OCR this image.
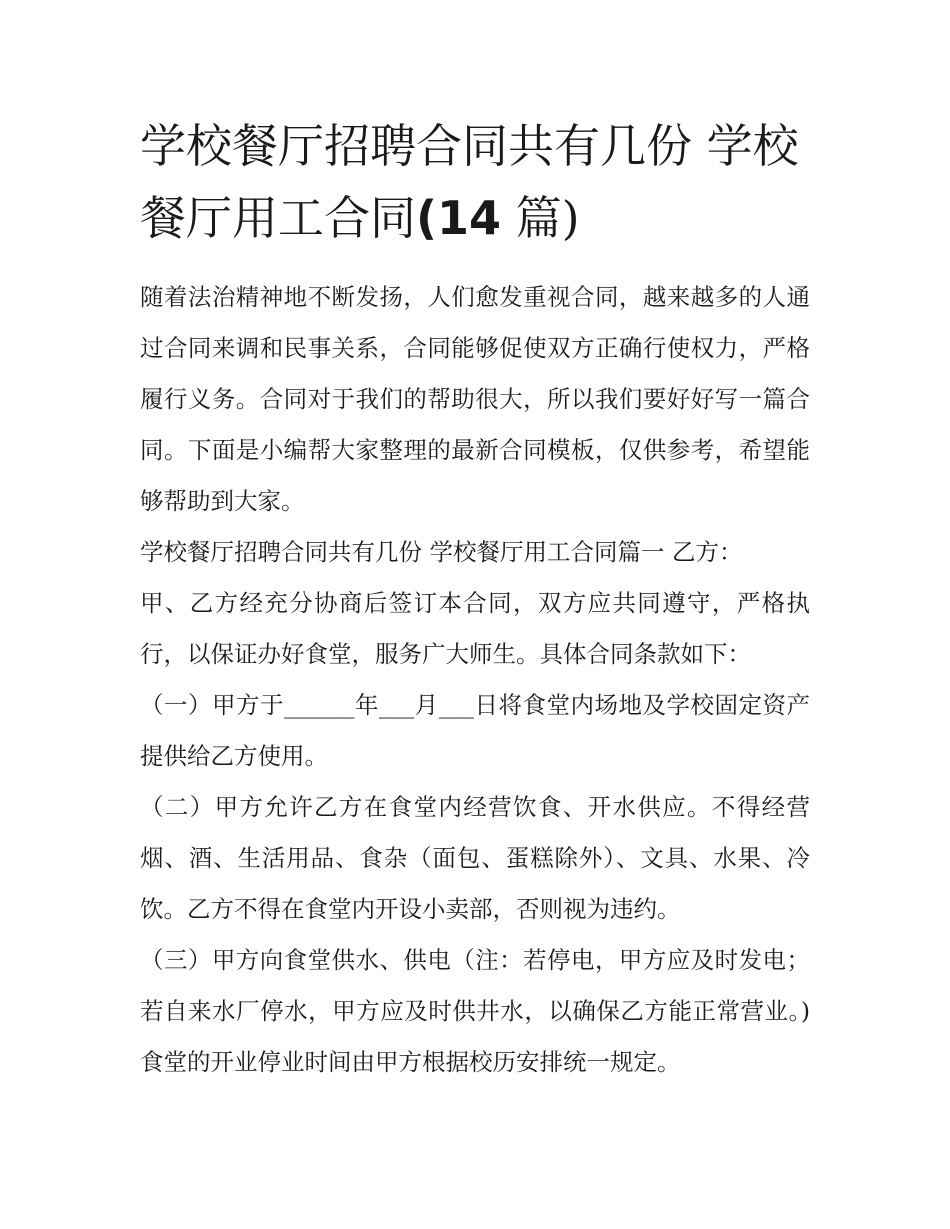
学校餐厅招聘合同共有几份 学校餐厅用工合同(14 篇)

随着法治精神地不断发扬，人们愈发重视合同，越来越多的人通过合同来调和民事关系，合同能够促使双方正确行使权力，严格履行义务。合同对于我们的帮助很大，所以我们要好好写一篇合同。下面是小编帮大家整理的最新合同模板，仅供参考，希望能够帮助到大家。

学校餐厅招聘合同共有几份 学校餐厅用工合同篇一 乙方：

甲、乙方经充分协商后签订本合同，双方应共同遵守，严格执行，以保证办好食堂，服务广大师生。具体合同条款如下：

（一）甲方于______年___月___日将食堂内场地及学校固定资产提供给乙方使用。

（二）甲方允许乙方在食堂内经营饮食、开水供应。不得经营烟、酒、生活用品、食杂（面包、蛋糕除外）、文具、水果、冷饮。乙方不得在食堂内开设小卖部，否则视为违约。

（三）甲方向食堂供水、供电（注：若停电，甲方应及时发电；若自来水厂停水，甲方应及时供井水，以确保乙方能正常营业。)食堂的开业停业时间由甲方根据校历安排统一规定。
